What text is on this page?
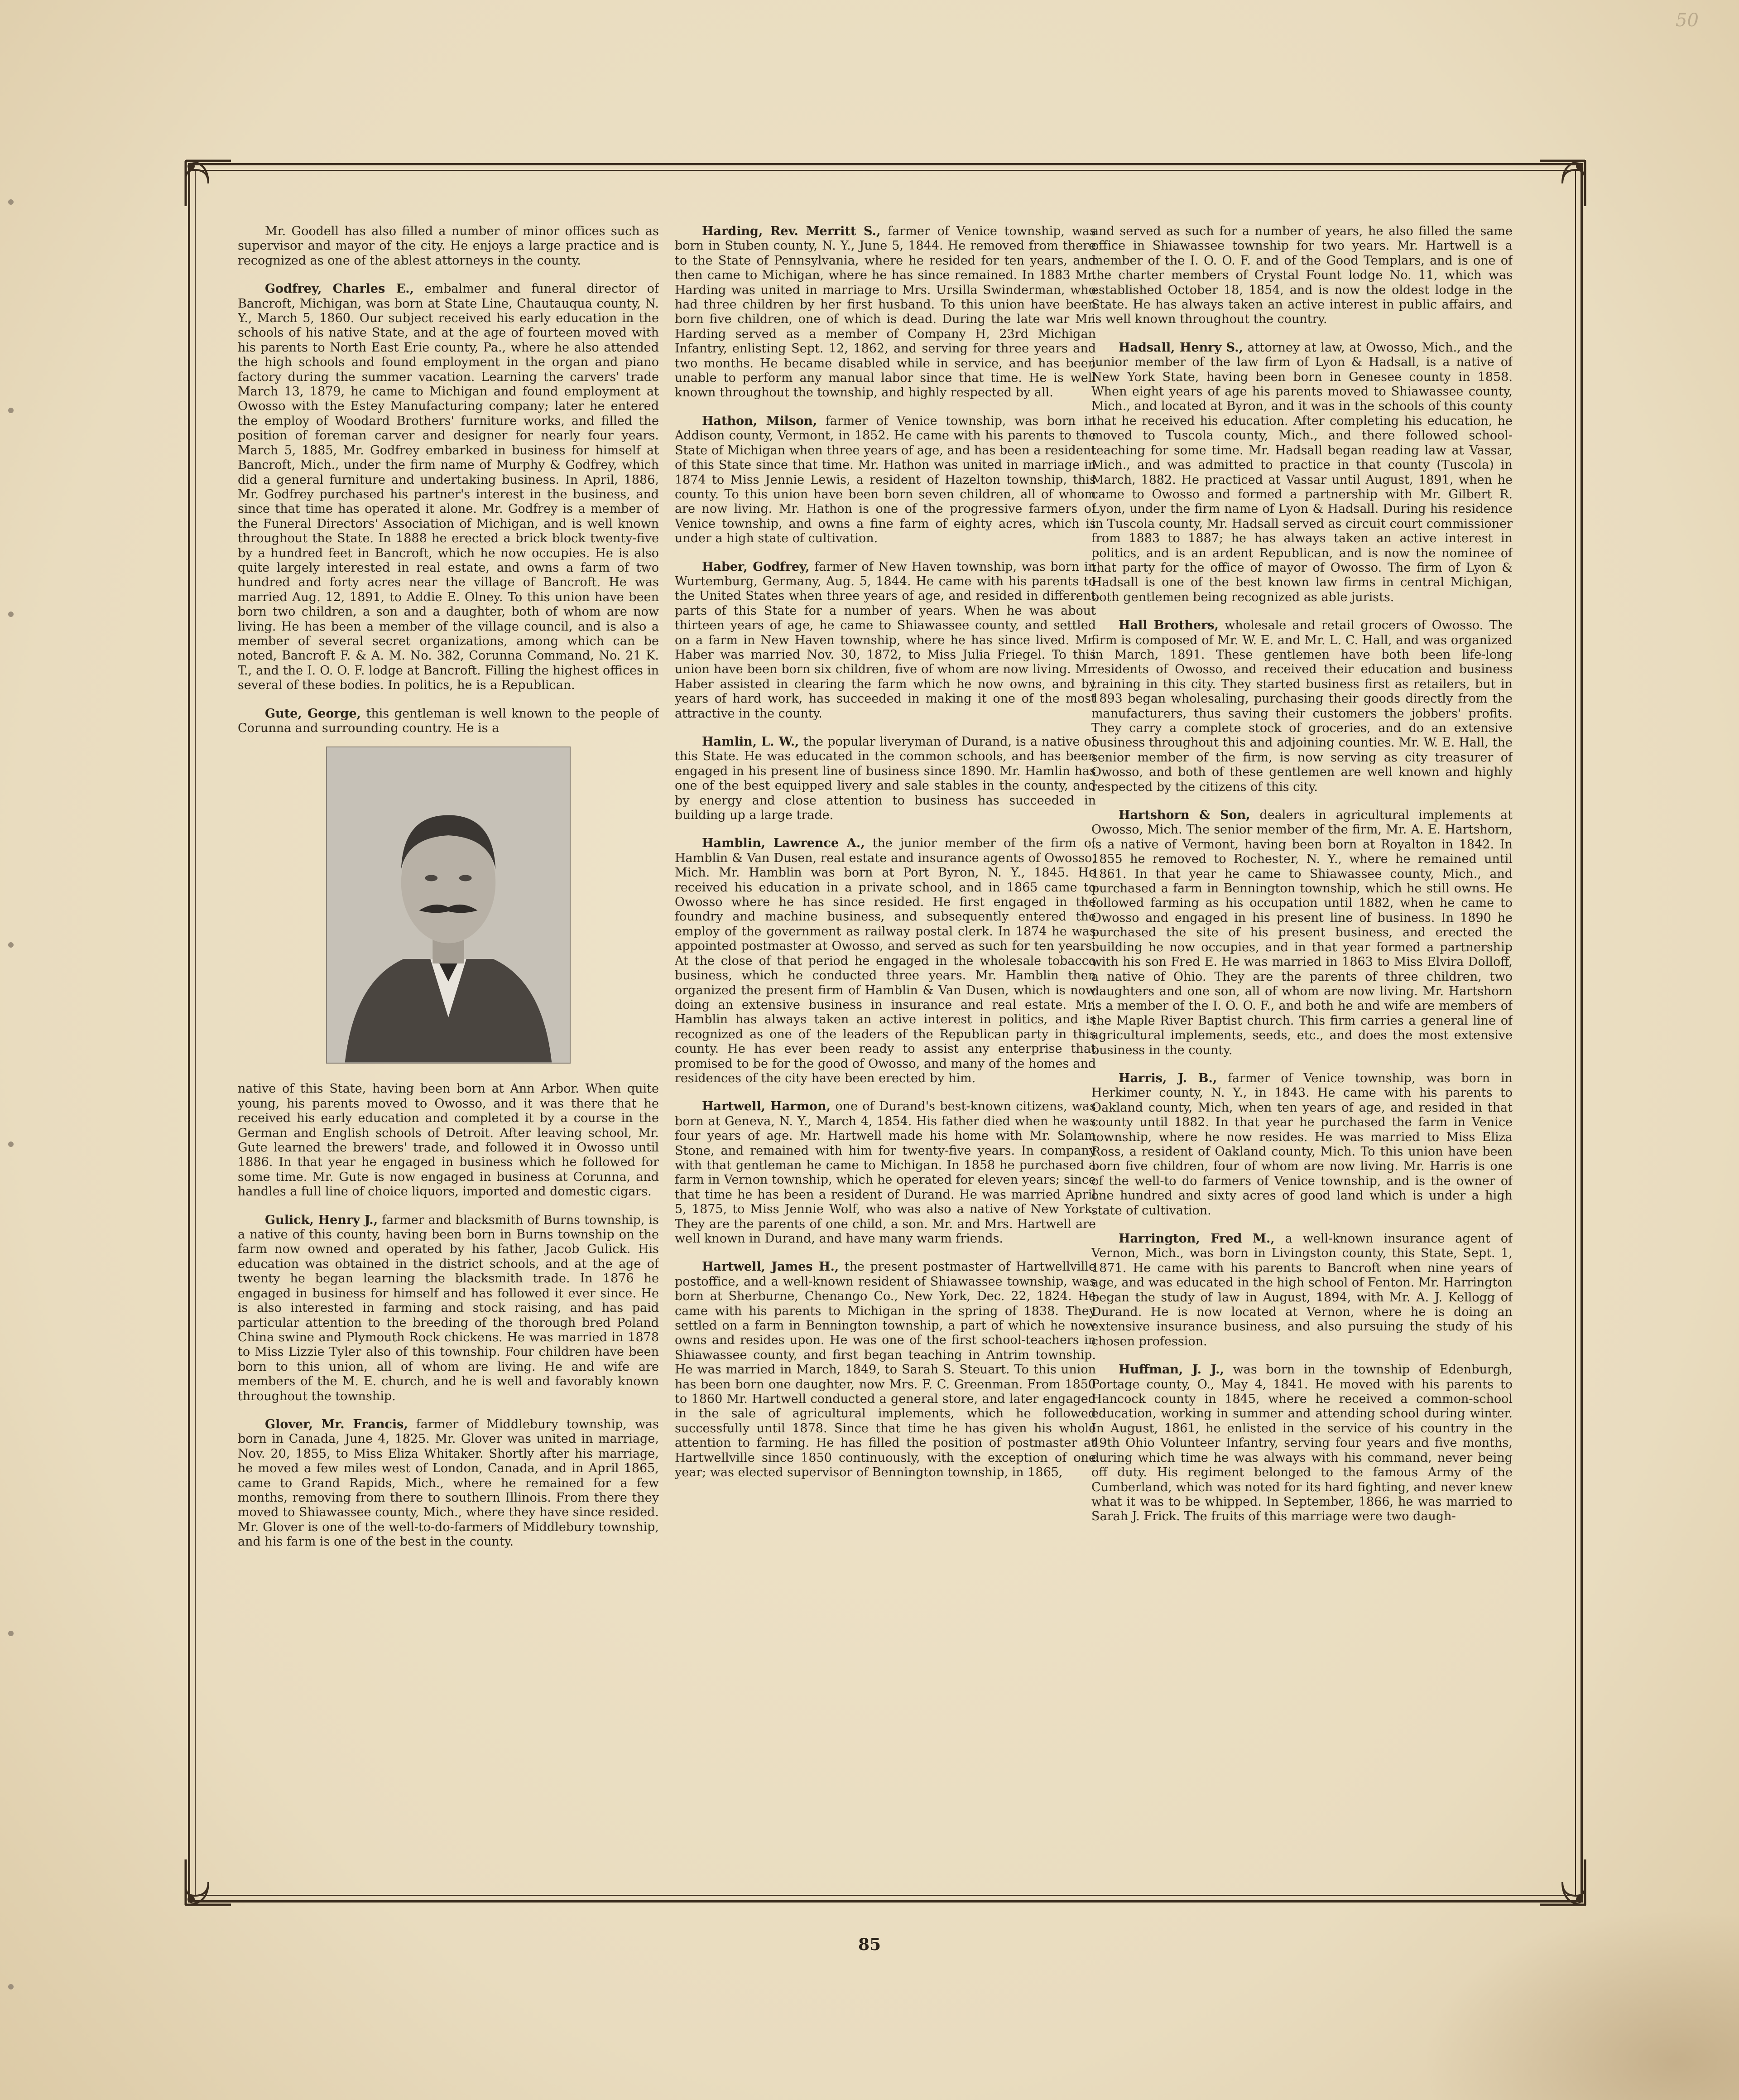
50

Mr. Goodell has also filled a number of minor offices such as supervisor and mayor of the city. He enjoys a large practice and is recognized as one of the ablest attorneys in the county.

Godfrey, Charles E., embalmer and funeral director of Bancroft, Michigan, was born at State Line, Chautauqua county, N. Y., March 5, 1860. Our subject received his early education in the schools of his native State, and at the age of fourteen moved with his parents to North East Erie county, Pa., where he also attended the high schools and found employment in the organ and piano factory during the summer vacation. Learning the carvers' trade March 13, 1879, he came to Michigan and found employment at Owosso with the Estey Manufacturing company; later he entered the employ of Woodard Brothers' furniture works, and filled the position of foreman carver and designer for nearly four years. March 5, 1885, Mr. Godfrey embarked in business for himself at Bancroft, Mich., under the firm name of Murphy & Godfrey, which did a general furniture and undertaking business. In April, 1886, Mr. Godfrey purchased his partner's interest in the business, and since that time has operated it alone. Mr. Godfrey is a member of the Funeral Directors' Association of Michigan, and is well known throughout the State. In 1888 he erected a brick block twenty-five by a hundred feet in Bancroft, which he now occupies. He is also quite largely interested in real estate, and owns a farm of two hundred and forty acres near the village of Bancroft. He was married Aug. 12, 1891, to Addie E. Olney. To this union have been born two children, a son and a daughter, both of whom are now living. He has been a member of the village council, and is also a member of several secret organizations, among which can be noted, Bancroft F. & A. M. No. 382, Corunna Command, No. 21 K. T., and the I. O. O. F. lodge at Bancroft. Filling the highest offices in several of these bodies. In politics, he is a Republican.

Gute, George, this gentleman is well known to the people of Corunna and surrounding country. He is a

native of this State, having been born at Ann Arbor. When quite young, his parents moved to Owosso, and it was there that he received his early education and completed it by a course in the German and English schools of Detroit. After leaving school, Mr. Gute learned the brewers' trade, and followed it in Owosso until 1886. In that year he engaged in business which he followed for some time. Mr. Gute is now engaged in business at Corunna, and handles a full line of choice liquors, imported and domestic cigars.

Gulick, Henry J., farmer and blacksmith of Burns township, is a native of this county, having been born in Burns township on the farm now owned and operated by his father, Jacob Gulick. His education was obtained in the district schools, and at the age of twenty he began learning the blacksmith trade. In 1876 he engaged in business for himself and has followed it ever since. He is also interested in farming and stock raising, and has paid particular attention to the breeding of the thorough bred Poland China swine and Plymouth Rock chickens. He was married in 1878 to Miss Lizzie Tyler also of this township. Four children have been born to this union, all of whom are living. He and wife are members of the M. E. church, and he is well and favorably known throughout the township.

Glover, Mr. Francis, farmer of Middlebury township, was born in Canada, June 4, 1825. Mr. Glover was united in marriage, Nov. 20, 1855, to Miss Eliza Whitaker. Shortly after his marriage, he moved a few miles west of London, Canada, and in April 1865, came to Grand Rapids, Mich., where he remained for a few months, removing from there to southern Illinois. From there they moved to Shiawassee county, Mich., where they have since resided. Mr. Glover is one of the well-to-do-farmers of Middlebury township, and his farm is one of the best in the county.

Harding, Rev. Merritt S., farmer of Venice township, was born in Stuben county, N. Y., June 5, 1844. He removed from there to the State of Pennsylvania, where he resided for ten years, and then came to Michigan, where he has since remained. In 1883 Mr. Harding was united in marriage to Mrs. Ursilla Swinderman, who had three children by her first husband. To this union have been born five children, one of which is dead. During the late war Mr. Harding served as a member of Company H, 23rd Michigan Infantry, enlisting Sept. 12, 1862, and serving for three years and two months. He became disabled while in service, and has been unable to perform any manual labor since that time. He is well known throughout the township, and highly respected by all.

Hathon, Milson, farmer of Venice township, was born in Addison county, Vermont, in 1852. He came with his parents to the State of Michigan when three years of age, and has been a resident of this State since that time. Mr. Hathon was united in marriage in 1874 to Miss Jennie Lewis, a resident of Hazelton township, this county. To this union have been born seven children, all of whom are now living. Mr. Hathon is one of the progressive farmers of Venice township, and owns a fine farm of eighty acres, which is under a high state of cultivation.

Haber, Godfrey, farmer of New Haven township, was born in Wurtemburg, Germany, Aug. 5, 1844. He came with his parents to the United States when three years of age, and resided in different parts of this State for a number of years. When he was about thirteen years of age, he came to Shiawassee county, and settled on a farm in New Haven township, where he has since lived. Mr. Haber was married Nov. 30, 1872, to Miss Julia Friegel. To this union have been born six children, five of whom are now living. Mr. Haber assisted in clearing the farm which he now owns, and by years of hard work, has succeeded in making it one of the most attractive in the county.

Hamlin, L. W., the popular liveryman of Durand, is a native of this State. He was educated in the common schools, and has been engaged in his present line of business since 1890. Mr. Hamlin has one of the best equipped livery and sale stables in the county, and by energy and close attention to business has succeeded in building up a large trade.

Hamblin, Lawrence A., the junior member of the firm of Hamblin & Van Dusen, real estate and insurance agents of Owosso, Mich. Mr. Hamblin was born at Port Byron, N. Y., 1845. He received his education in a private school, and in 1865 came to Owosso where he has since resided. He first engaged in the foundry and machine business, and subsequently entered the employ of the government as railway postal clerk. In 1874 he was appointed postmaster at Owosso, and served as such for ten years. At the close of that period he engaged in the wholesale tobacco business, which he conducted three years. Mr. Hamblin then organized the present firm of Hamblin & Van Dusen, which is now doing an extensive business in insurance and real estate. Mr. Hamblin has always taken an active interest in politics, and is recognized as one of the leaders of the Republican party in this county. He has ever been ready to assist any enterprise that promised to be for the good of Owosso, and many of the homes and residences of the city have been erected by him.

Hartwell, Harmon, one of Durand's best-known citizens, was born at Geneva, N. Y., March 4, 1854. His father died when he was four years of age. Mr. Hartwell made his home with Mr. Solam Stone, and remained with him for twenty-five years. In company with that gentleman he came to Michigan. In 1858 he purchased a farm in Vernon township, which he operated for eleven years; since that time he has been a resident of Durand. He was married April 5, 1875, to Miss Jennie Wolf, who was also a native of New York. They are the parents of one child, a son. Mr. and Mrs. Hartwell are well known in Durand, and have many warm friends.

Hartwell, James H., the present postmaster of Hartwellville postoffice, and a well-known resident of Shiawassee township, was born at Sherburne, Chenango Co., New York, Dec. 22, 1824. He came with his parents to Michigan in the spring of 1838. They settled on a farm in Bennington township, a part of which he now owns and resides upon. He was one of the first school-teachers in Shiawassee county, and first began teaching in Antrim township. He was married in March, 1849, to Sarah S. Steuart. To this union has been born one daughter, now Mrs. F. C. Greenman. From 1850 to 1860 Mr. Hartwell conducted a general store, and later engaged in the sale of agricultural implements, which he followed successfully until 1878. Since that time he has given his whole attention to farming. He has filled the position of postmaster at Hartwellville since 1850 continuously, with the exception of one year; was elected supervisor of Bennington township, in 1865,

and served as such for a number of years, he also filled the same office in Shiawassee township for two years. Mr. Hartwell is a member of the I. O. O. F. and of the Good Templars, and is one of the charter members of Crystal Fount lodge No. 11, which was established October 18, 1854, and is now the oldest lodge in the State. He has always taken an active interest in public affairs, and is well known throughout the country.

Hadsall, Henry S., attorney at law, at Owosso, Mich., and the junior member of the law firm of Lyon & Hadsall, is a native of New York State, having been born in Genesee county in 1858. When eight years of age his parents moved to Shiawassee county, Mich., and located at Byron, and it was in the schools of this county that he received his education. After completing his education, he moved to Tuscola county, Mich., and there followed school-teaching for some time. Mr. Hadsall began reading law at Vassar, Mich., and was admitted to practice in that county (Tuscola) in March, 1882. He practiced at Vassar until August, 1891, when he came to Owosso and formed a partnership with Mr. Gilbert R. Lyon, under the firm name of Lyon & Hadsall. During his residence in Tuscola county, Mr. Hadsall served as circuit court commissioner from 1883 to 1887; he has always taken an active interest in politics, and is an ardent Republican, and is now the nominee of that party for the office of mayor of Owosso. The firm of Lyon & Hadsall is one of the best known law firms in central Michigan, both gentlemen being recognized as able jurists.

Hall Brothers, wholesale and retail grocers of Owosso. The firm is composed of Mr. W. E. and Mr. L. C. Hall, and was organized in March, 1891. These gentlemen have both been life-long residents of Owosso, and received their education and business training in this city. They started business first as retailers, but in 1893 began wholesaling, purchasing their goods directly from the manufacturers, thus saving their customers the jobbers' profits. They carry a complete stock of groceries, and do an extensive business throughout this and adjoining counties. Mr. W. E. Hall, the senior member of the firm, is now serving as city treasurer of Owosso, and both of these gentlemen are well known and highly respected by the citizens of this city.

Hartshorn & Son, dealers in agricultural implements at Owosso, Mich. The senior member of the firm, Mr. A. E. Hartshorn, is a native of Vermont, having been born at Royalton in 1842. In 1855 he removed to Rochester, N. Y., where he remained until 1861. In that year he came to Shiawassee county, Mich., and purchased a farm in Bennington township, which he still owns. He followed farming as his occupation until 1882, when he came to Owosso and engaged in his present line of business. In 1890 he purchased the site of his present business, and erected the building he now occupies, and in that year formed a partnership with his son Fred E. He was married in 1863 to Miss Elvira Dolloff, a native of Ohio. They are the parents of three children, two daughters and one son, all of whom are now living. Mr. Hartshorn is a member of the I. O. O. F., and both he and wife are members of the Maple River Baptist church. This firm carries a general line of agricultural implements, seeds, etc., and does the most extensive business in the county.

Harris, J. B., farmer of Venice township, was born in Herkimer county, N. Y., in 1843. He came with his parents to Oakland county, Mich, when ten years of age, and resided in that county until 1882. In that year he purchased the farm in Venice township, where he now resides. He was married to Miss Eliza Ross, a resident of Oakland county, Mich. To this union have been born five children, four of whom are now living. Mr. Harris is one of the well-to do farmers of Venice township, and is the owner of one hundred and sixty acres of good land which is under a high state of cultivation.

Harrington, Fred M., a well-known insurance agent of Vernon, Mich., was born in Livingston county, this State, Sept. 1, 1871. He came with his parents to Bancroft when nine years of age, and was educated in the high school of Fenton. Mr. Harrington began the study of law in August, 1894, with Mr. A. J. Kellogg of Durand. He is now located at Vernon, where he is doing an extensive insurance business, and also pursuing the study of his chosen profession.

Huffman, J. J., was born in the township of Edenburgh, Portage county, O., May 4, 1841. He moved with his parents to Hancock county in 1845, where he received a common-school education, working in summer and attending school during winter. In August, 1861, he enlisted in the service of his country in the 49th Ohio Volunteer Infantry, serving four years and five months, during which time he was always with his command, never being off duty. His regiment belonged to the famous Army of the Cumberland, which was noted for its hard fighting, and never knew what it was to be whipped. In September, 1866, he was married to Sarah J. Frick. The fruits of this marriage were two daugh-

85
